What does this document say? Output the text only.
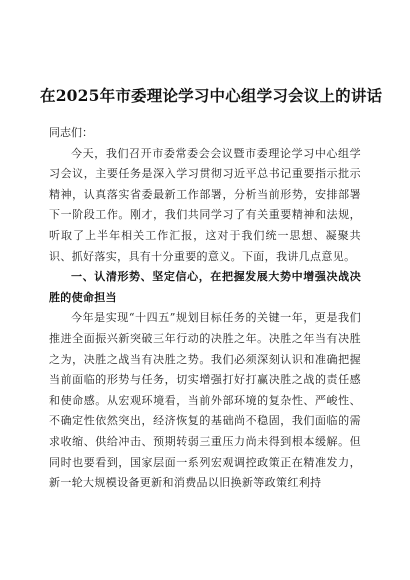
在2025年市委理论学习中心组学习会议上的讲话

同志们：

今天，我们召开市委常委会会议暨市委理论学习中心组学习会议，主要任务是深入学习贯彻习近平总书记重要指示批示精神，认真落实省委最新工作部署，分析当前形势，安排部署下一阶段工作。刚才，我们共同学习了有关重要精神和法规，听取了上半年相关工作汇报，这对于我们统一思想、凝聚共识、抓好落实，具有十分重要的意义。下面，我讲几点意见。

一、认清形势、坚定信心，在把握发展大势中增强决战决胜的使命担当

今年是实现“十四五”规划目标任务的关键一年，更是我们推进全面振兴新突破三年行动的决胜之年。决胜之年当有决胜之为，决胜之战当有决胜之势。我们必须深刻认识和准确把握当前面临的形势与任务，切实增强打好打赢决胜之战的责任感和使命感。从宏观环境看，当前外部环境的复杂性、严峻性、不确定性依然突出，经济恢复的基础尚不稳固，我们面临的需求收缩、供给冲击、预期转弱三重压力尚未得到根本缓解。但同时也要看到，国家层面一系列宏观调控政策正在精准发力，新一轮大规模设备更新和消费品以旧换新等政策红利持
